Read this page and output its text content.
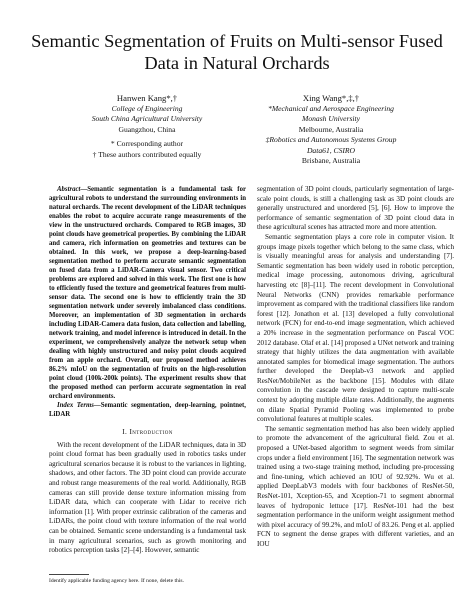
Semantic Segmentation of Fruits on Multi-sensor Fused Data in Natural Orchards
Hanwen Kang*,†
College of Engineering
South China Agricultural University
Guangzhou, China
* Corresponding author
† These authors contributed equally
Xing Wang*,‡,†
*Mechanical and Aerospace Engineering
Monash University
Melbourne, Australia
‡Robotics and Autonomous Systems Group
Data61, CSIRO
Brisbane, Australia

Abstract—Semantic segmentation is a fundamental task for agricultural robots to understand the surrounding environments in natural orchards. The recent development of the LiDAR techniques enables the robot to acquire accurate range measurements of the view in the unstructured orchards. Compared to RGB images, 3D point clouds have geometrical properties. By combining the LiDAR and camera, rich information on geometries and textures can be obtained. In this work, we propose a deep-learning-based segmentation method to perform accurate semantic segmentation on fused data from a LiDAR-Camera visual sensor. Two critical problems are explored and solved in this work. The first one is how to efficiently fused the texture and geometrical features from multi-sensor data. The second one is how to efficiently train the 3D segmentation network under severely imbalanced class conditions. Moreover, an implementation of 3D segmentation in orchards including LiDAR-Camera data fusion, data collection and labelling, network training, and model inference is introduced in detail. In the experiment, we comprehensively analyze the network setup when dealing with highly unstructured and noisy point clouds acquired from an apple orchard. Overall, our proposed method achieves 86.2% mIoU on the segmentation of fruits on the high-resolution point cloud (100k-200k points). The experiment results show that the proposed method can perform accurate segmentation in real orchard environments.

Index Terms—Semantic segmentation, deep-learning, pointnet, LiDAR

I. Introduction

With the recent development of the LiDAR techniques, data in 3D point cloud format has been gradually used in robotics tasks under agricultural scenarios because it is robust to the variances in lighting, shadows, and other factors. The 3D point cloud can provide accurate and robust range measurements of the real world. Additionally, RGB cameras can still provide dense texture information missing from LiDAR data, which can cooperate with Lidar to receive rich information [1]. With proper extrinsic calibration of the cameras and LiDARs, the point cloud with texture information of the real world can be obtained. Semantic scene understanding is a fundamental task in many agricultural scenarios, such as growth monitoring and robotics perception tasks [2]–[4]. However, semantic

segmentation of 3D point clouds, particularly segmentation of large-scale point clouds, is still a challenging task as 3D point clouds are generally unstructured and unordered [5], [6]. How to improve the performance of semantic segmentation of 3D point cloud data in these agricultural scenes has attracted more and more attention.

Semantic segmentation plays a core role in computer vision. It groups image pixels together which belong to the same class, which is visually meaningful areas for analysis and understanding [7]. Semantic segmentation has been widely used in robotic perception, medical image processing, autonomous driving, agricultural harvesting etc [8]–[11]. The recent development in Convolutional Neural Networks (CNN) provides remarkable performance improvement as compared with the traditional classifiers like random forest [12]. Jonathon et al. [13] developed a fully convolutional network (FCN) for end-to-end image segmentation, which achieved a 20% increase in the segmentation performance on Pascal VOC 2012 database. Olaf et al. [14] proposed a UNet network and training strategy that highly utilizes the data augmentation with available annotated samples for biomedical image segmentation. The authors further developed the Deeplab-v3 network and applied ResNet/MobileNet as the backbone [15]. Modules with dilate convolution in the cascade were designed to capture multi-scale context by adopting multiple dilate rates. Additionally, the augments on dilate Spatial Pyramid Pooling was implemented to probe convolutional features at multiple scales.

The semantic segmentation method has also been widely applied to promote the advancement of the agricultural field. Zou et al. proposed a UNet-based algorithm to segment weeds from similar crops under a field environment [16]. The segmentation network was trained using a two-stage training method, including pre-processing and fine-tuning, which achieved an IOU of 92.92%. Wu et al. applied DeepLabV3 models with four backbones of ResNet-50, ResNet-101, Xception-65, and Xception-71 to segment abnormal leaves of hydroponic lettuce [17]. ResNet-101 had the best segmentation performance in the uniform weight assignment method with pixel accuracy of 99.2%, and mIoU of 83.26. Peng et al. applied FCN to segment the dense grapes with different varieties, and an IOU

Identify applicable funding agency here. If none, delete this.
